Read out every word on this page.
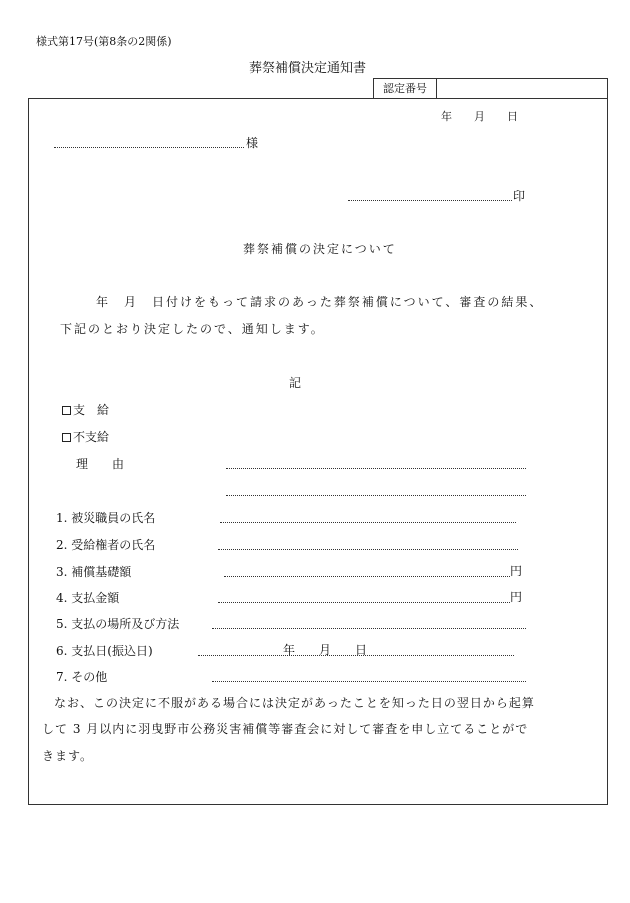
様式第17号(第8条の2関係)
葬祭補償決定通知書
認定番号
年　　月　　日
様
印
葬祭補償の決定について
年　月　日付けをもって請求のあった葬祭補償について、審査の結果、
下記のとおり決定したので、通知します。
記
支　給
不支給
理　　由
1. 被災職員の氏名
2. 受給権者の氏名
3. 補償基礎額	円
4. 支払金額	円
5. 支払の場所及び方法
6. 支払日(振込日)	年　　月　　日
7. その他
なお、この決定に不服がある場合には決定があったことを知った日の翌日から起算
して 3 月以内に羽曳野市公務災害補償等審査会に対して審査を申し立てることがで
きます。
